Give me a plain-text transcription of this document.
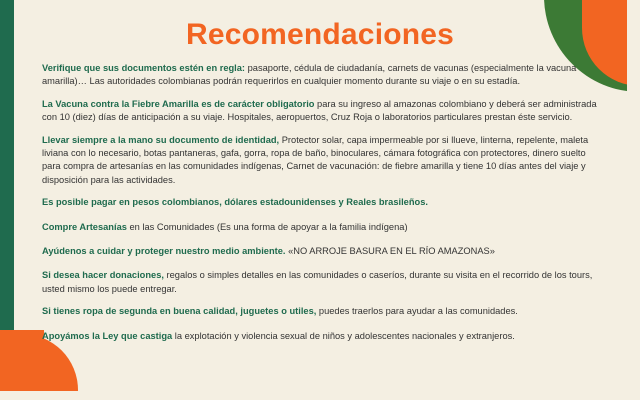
Recomendaciones
Verifique que sus documentos estén en regla: pasaporte, cédula de ciudadanía, carnets de vacunas (especialmente la vacuna amarilla)… Las autoridades colombianas podrán requerirlos en cualquier momento durante su viaje o en su estadía.
La Vacuna contra la Fiebre Amarilla es de carácter obligatorio para su ingreso al amazonas colombiano y deberá ser administrada con 10 (diez) días de anticipación a su viaje. Hospitales, aeropuertos, Cruz Roja o laboratorios particulares prestan éste servicio.
Llevar siempre a la mano su documento de identidad, Protector solar, capa impermeable por si llueve, linterna, repelente, maleta liviana con lo necesario, botas pantaneras, gafa, gorra, ropa de baño, binoculares, cámara fotográfica con protectores, dinero suelto para compra de artesanías en las comunidades indígenas, Carnet de vacunación: de fiebre amarilla y tiene 10 días antes del viaje y disposición para las actividades.
Es posible pagar en pesos colombianos, dólares estadounidenses y Reales brasileños.
Compre Artesanías en las Comunidades (Es una forma de apoyar a la familia indígena)
Ayúdenos a cuidar y proteger nuestro medio ambiente. «NO ARROJE BASURA EN EL RÍO AMAZONAS»
Si desea hacer donaciones, regalos o simples detalles en las comunidades o caseríos, durante su visita en el recorrido de los tours, usted mismo los puede entregar.
Si tienes ropa de segunda en buena calidad, juguetes o utiles, puedes traerlos para ayudar a las comunidades.
Apoyámos la Ley que castiga la explotación y violencia sexual de niños y adolescentes nacionales y extranjeros.
